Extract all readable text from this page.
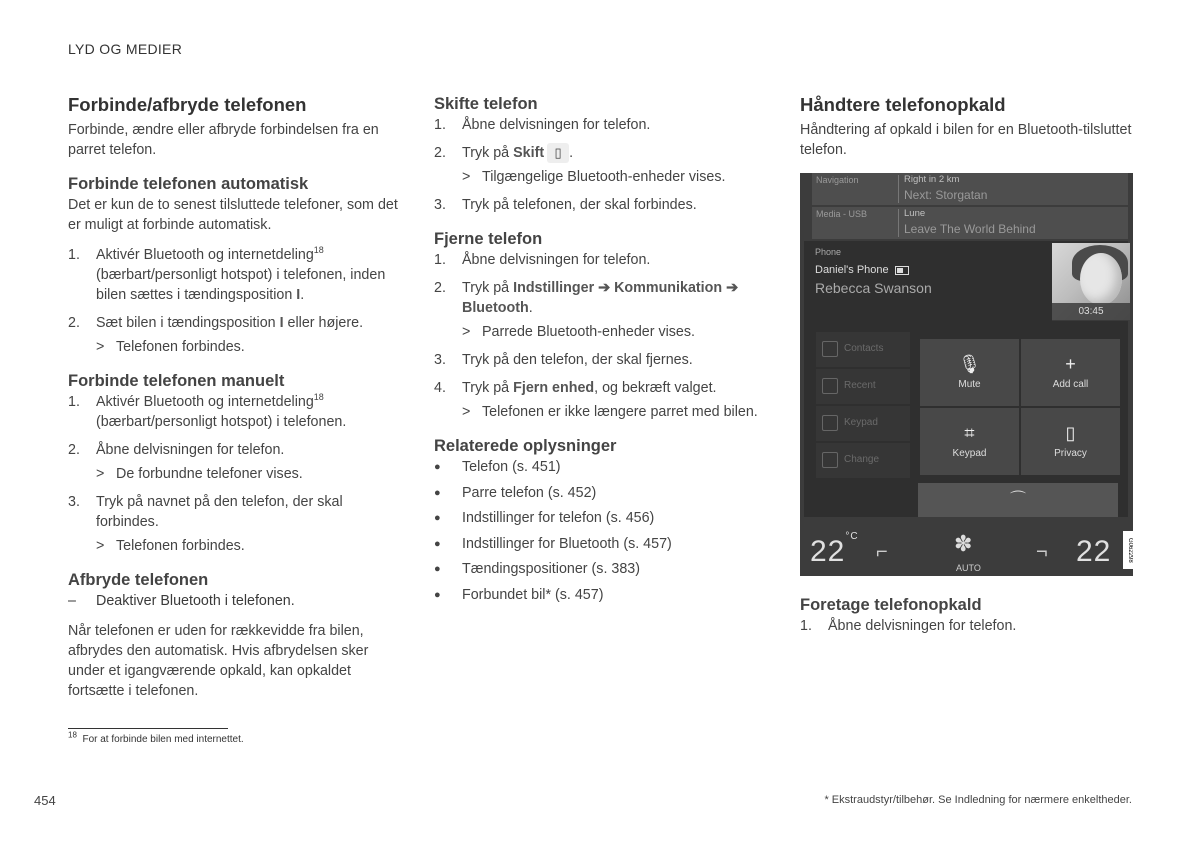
LYD OG MEDIER
Forbinde/afbryde telefonen

Forbinde, ændre eller afbryde forbindelsen fra en parret telefon.

Forbinde telefonen automatisk

Det er kun de to senest tilsluttede telefoner, som det er muligt at forbinde automatisk.

1.	Aktivér Bluetooth og internetdeling$^{18}$ (bærbart/personligt hotspot) i telefonen, inden bilen sættes i tændingsposition I.
2.	Sæt bilen i tændingsposition I eller højere.
> Telefonen forbindes.
Forbinde telefonen manuelt
1.	Aktivér Bluetooth og internetdeling$^{18}$ (bærbart/personligt hotspot) i telefonen.
2.	Åbne delvisningen for telefon.
> De forbundne telefoner vises.
3.	Tryk på navnet på den telefon, der skal forbindes.
> Telefonen forbindes.
Afbryde telefonen
–	Deaktiver Bluetooth i telefonen.

Når telefonen er uden for rækkevidde fra bilen, afbrydes den automatisk. Hvis afbrydelsen sker under et igangværende opkald, kan opkaldet fortsætte i telefonen.

Skifte telefon
1.	Åbne delvisningen for telefon.
2.	Tryk på Skift ▯ .
> Tilgængelige Bluetooth-enheder vises.
3.	Tryk på telefonen, der skal forbindes.
Fjerne telefon
1.	Åbne delvisningen for telefon.
2.	Tryk på Indstillinger ➔ Kommunikation ➔ Bluetooth.
> Parrede Bluetooth-enheder vises.
3.	Tryk på den telefon, der skal fjernes.
4.	Tryk på Fjern enhed, og bekræft valget.
> Telefonen er ikke længere parret med bilen.
Relaterede oplysninger
●	Telefon (s. 451)
●	Parre telefon (s. 452)
●	Indstillinger for telefon (s. 456)
●	Indstillinger for Bluetooth (s. 457)
●	Tændingspositioner (s. 383)
●	Forbundet bil* (s. 457)
Håndtere telefonopkald

Håndtering af opkald i bilen for en Bluetooth-tilsluttet telefon.

Navigation	Right in 2 km
Next: Storgatan
Media - USB	Lune
Leave The World Behind
Phone
Daniel's Phone
Rebecca Swanson
03:45
Contacts
Recent
Keypad
Change
🎙
Mute
+
Add call
⌗
Keypad
▯
Privacy
⌒
$22^{^\circ C}$
⌐	✽
AUTO
¬ 22	G062298
Foretage telefonopkald
1.	Åbne delvisningen for telefon.
$^{18}$ For at forbinde bilen med internettet.
454	* Ekstraudstyr/tilbehør. Se Indledning for nærmere enkeltheder.
